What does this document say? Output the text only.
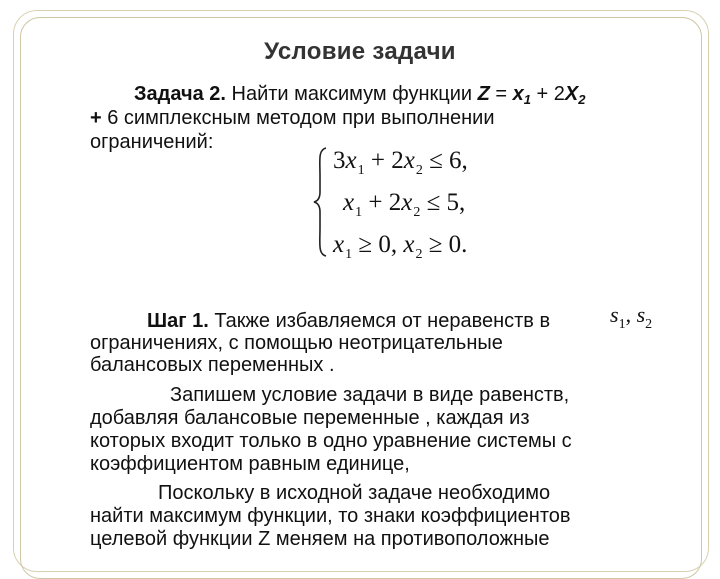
Условие задачи
Задача 2. Найти максимум функции $Z = x_1 + 2X_2$
+ 6 симплексным методом при выполнении
ограничений:
$3x_1 + 2x_2 \le 6$,
$x_1 + 2x_2 \le 5$,
$x_1 \ge 0$, $x_2 \ge 0$.
Шаг 1. Также избавляемся от неравенств в	$s_1$, $s_2$
ограничениях, с помощью неотрицательные
балансовых переменных .
Запишем условие задачи в виде равенств,
добавляя балансовые переменные , каждая из
которых входит только в одно уравнение системы с
коэффициентом равным единице,
Поскольку в исходной задаче необходимо
найти максимум функции, то знаки коэффициентов
целевой функции Z меняем на противоположные
